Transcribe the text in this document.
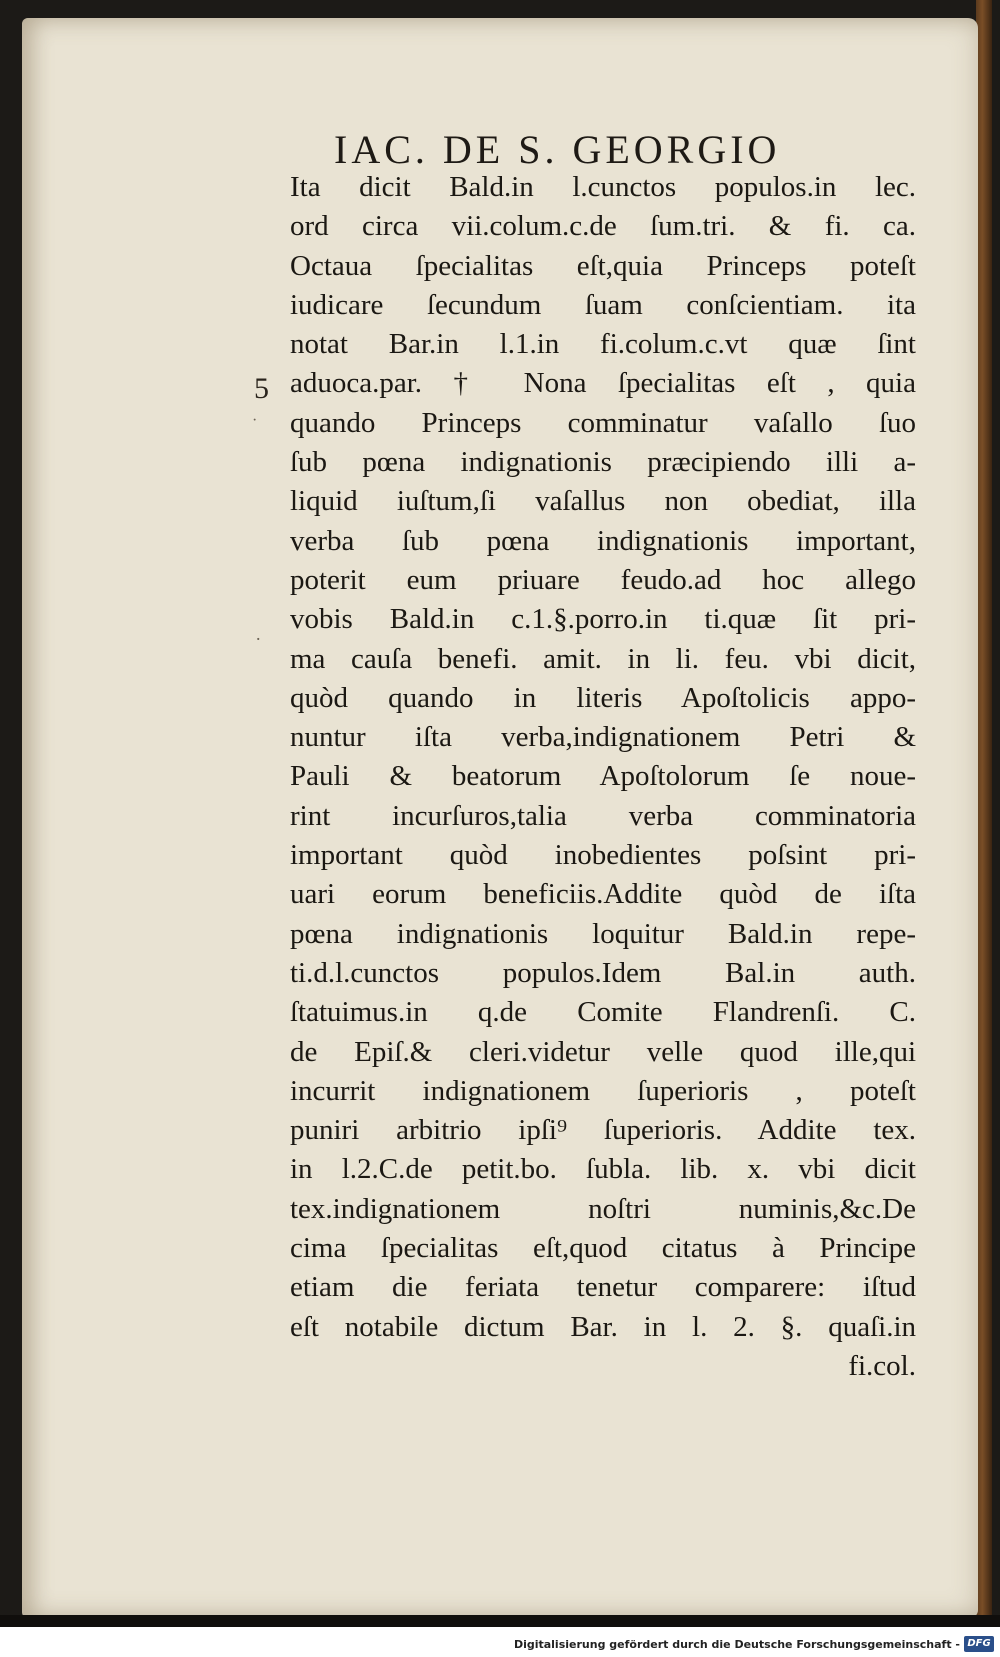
IAC. DE S. GEORGIO
5
·
.
Ita dicit Bald.in l.cunctos populos.in lec.
ord circa vii.colum.c.de ſum.tri. & fi. ca.
Octaua ſpecialitas eſt,quia Princeps poteſt
iudicare ſecundum ſuam conſcientiam. ita
notat Bar.in l.1.in fi.colum.c.vt quæ ſint
aduoca.par. † Nona ſpecialitas eſt , quia
quando Princeps comminatur vaſallo ſuo
ſub pœna indignationis præcipiendo illi a-
liquid iuſtum,ſi vaſallus non obediat, illa
verba ſub pœna indignationis important,
poterit eum priuare feudo.ad hoc allego
vobis Bald.in c.1.§.porro.in ti.quæ ſit pri-
ma cauſa benefi. amit. in li. feu. vbi dicit,
quòd quando in literis Apoſtolicis appo-
nuntur iſta verba,indignationem Petri &
Pauli & beatorum Apoſtolorum ſe noue-
rint incurſuros,talia verba comminatoria
important quòd inobedientes poſsint pri-
uari eorum beneficiis.Addite quòd de iſta
pœna indignationis loquitur Bald.in repe-
ti.d.l.cunctos populos.Idem Bal.in auth.
ſtatuimus.in q.de Comite Flandrenſi. C.
de Epiſ.& cleri.videtur velle quod ille,qui
incurrit indignationem ſuperioris , poteſt
puniri arbitrio ipſi⁹ ſuperioris. Addite tex.
in l.2.C.de petit.bo. ſubla. lib. x. vbi dicit
tex.indignationem noſtri numinis,&c.De
cima ſpecialitas eſt,quod citatus à Principe
etiam die feriata tenetur comparere: iſtud
eſt notabile dictum Bar. in l. 2. §. quaſi.in
fi.col.
Digitalisierung gefördert durch die Deutsche Forschungsgemeinschaft - DFG
